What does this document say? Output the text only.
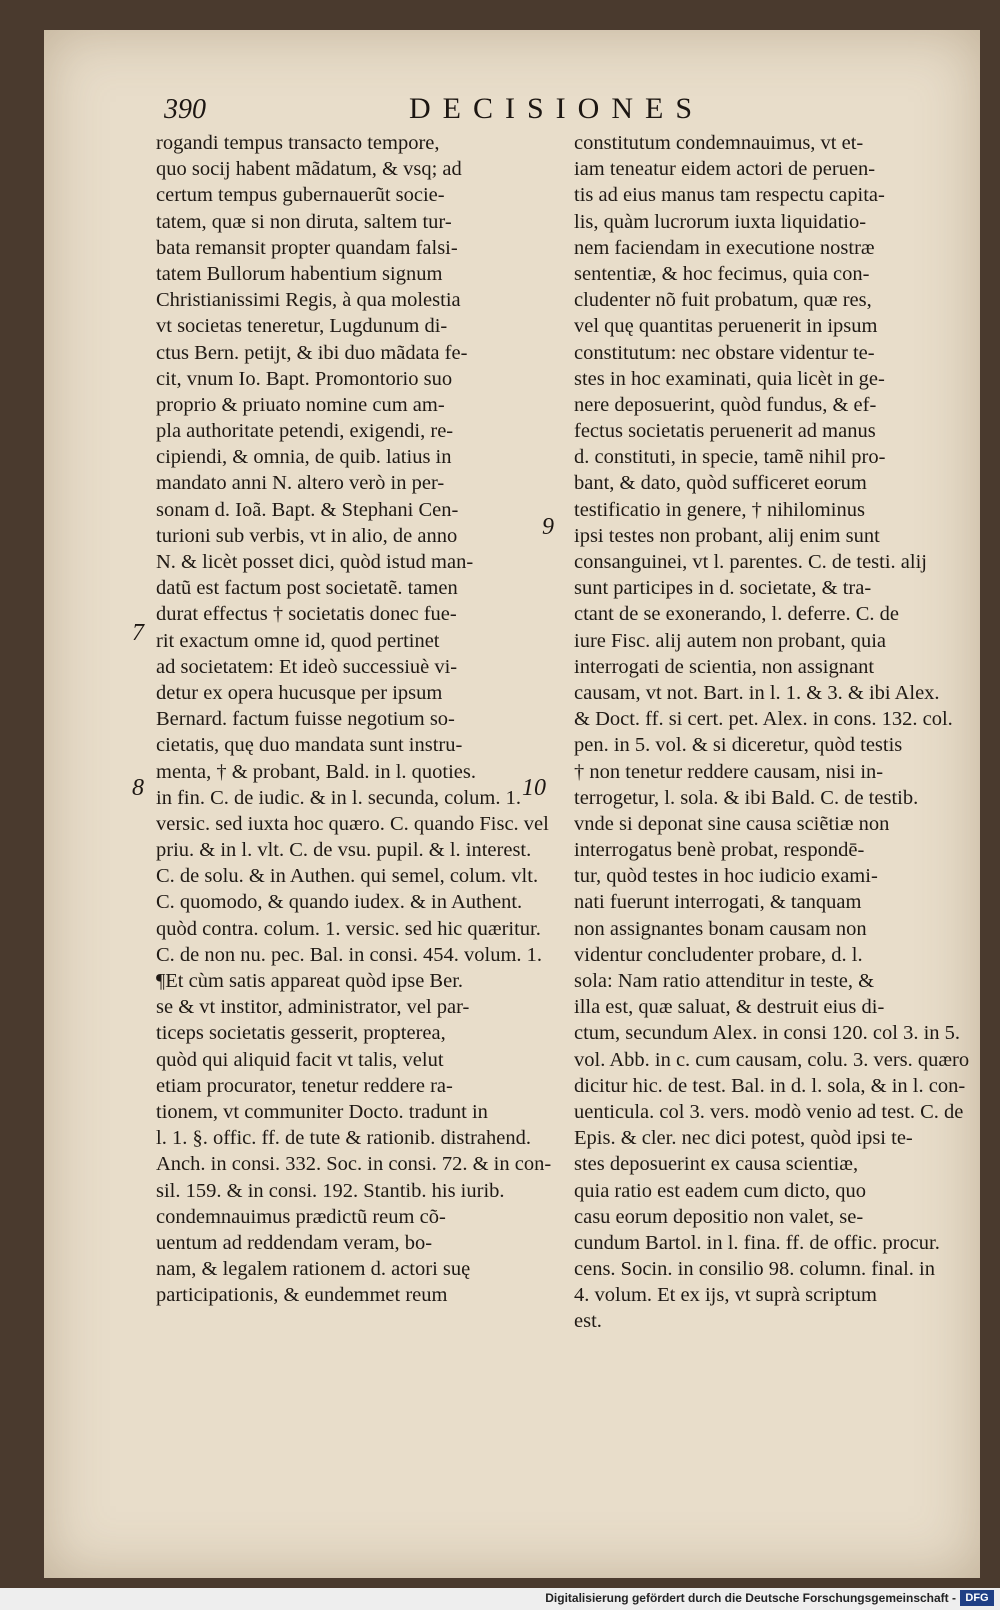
390	DECISIONES
rogandi tempus transacto tempore,
quo socij habent mãdatum, & vsq; ad
certum tempus gubernauerũt socie-
tatem, quæ si non diruta, saltem tur-
bata remansit propter quandam falsi-
tatem Bullorum habentium signum
Christianissimi Regis, à qua molestia
vt societas teneretur, Lugdunum di-
ctus Bern. petijt, & ibi duo mãdata fe-
cit, vnum Io. Bapt. Promontorio suo
proprio & priuato nomine cum am-
pla authoritate petendi, exigendi, re-
cipiendi, & omnia, de quib. latius in
mandato anni N. altero verò in per-
sonam d. Ioã. Bapt. & Stephani Cen-
turioni sub verbis, vt in alio, de anno
N. & licèt posset dici, quòd istud man-
datũ est factum post societatẽ. tamen
durat effectus † societatis donec fue-
rit exactum omne id, quod pertinet
ad societatem: Et ideò successiuè vi-
detur ex opera hucusque per ipsum
Bernard. factum fuisse negotium so-
cietatis, quę duo mandata sunt instru-
menta, † & probant, Bald. in l. quoties.
in fin. C. de iudic. & in l. secunda, colum. 1.
versic. sed iuxta hoc quæro. C. quando Fisc. vel
priu. & in l. vlt. C. de vsu. pupil. & l. interest.
C. de solu. & in Authen. qui semel, colum. vlt.
C. quomodo, & quando iudex. & in Authent.
quòd contra. colum. 1. versic. sed hic quæritur.
C. de non nu. pec. Bal. in consi. 454. volum. 1.
¶Et cùm satis appareat quòd ipse Ber.
se & vt institor, administrator, vel par-
ticeps societatis gesserit, propterea,
quòd qui aliquid facit vt talis, velut
etiam procurator, tenetur reddere ra-
tionem, vt communiter Docto. tradunt in
l. 1. §. offic. ff. de tute & rationib. distrahend.
Anch. in consi. 332. Soc. in consi. 72. & in con-
sil. 159. & in consi. 192. Stantib. his iurib.
condemnauimus prædictũ reum cõ-
uentum ad reddendam veram, bo-
nam, & legalem rationem d. actori suę
participationis, & eundemmet reum
constitutum condemnauimus, vt et-
iam teneatur eidem actori de peruen-
tis ad eius manus tam respectu capita-
lis, quàm lucrorum iuxta liquidatio-
nem faciendam in executione nostræ
sententiæ, & hoc fecimus, quia con-
cludenter nõ fuit probatum, quæ res,
vel quę quantitas peruenerit in ipsum
constitutum: nec obstare videntur te-
stes in hoc examinati, quia licèt in ge-
nere deposuerint, quòd fundus, & ef-
fectus societatis peruenerit ad manus
d. constituti, in specie, tamẽ nihil pro-
bant, & dato, quòd sufficeret eorum
testificatio in genere, † nihilominus
ipsi testes non probant, alij enim sunt
consanguinei, vt l. parentes. C. de testi. alij
sunt participes in d. societate, & tra-
ctant de se exonerando, l. deferre. C. de
iure Fisc. alij autem non probant, quia
interrogati de scientia, non assignant
causam, vt not. Bart. in l. 1. & 3. & ibi Alex.
& Doct. ff. si cert. pet. Alex. in cons. 132. col.
pen. in 5. vol. & si diceretur, quòd testis
† non tenetur reddere causam, nisi in-
terrogetur, l. sola. & ibi Bald. C. de testib.
vnde si deponat sine causa sciẽtiæ non
interrogatus benè probat, respondē-
tur, quòd testes in hoc iudicio exami-
nati fuerunt interrogati, & tanquam
non assignantes bonam causam non
videntur concludenter probare, d. l.
sola: Nam ratio attenditur in teste, &
illa est, quæ saluat, & destruit eius di-
ctum, secundum Alex. in consi 120. col 3. in 5.
vol. Abb. in c. cum causam, colu. 3. vers. quæro
dicitur hic. de test. Bal. in d. l. sola, & in l. con-
uenticula. col 3. vers. modò venio ad test. C. de
Epis. & cler. nec dici potest, quòd ipsi te-
stes deposuerint ex causa scientiæ,
quia ratio est eadem cum dicto, quo
casu eorum depositio non valet, se-
cundum Bartol. in l. fina. ff. de offic. procur.
cens. Socin. in consilio 98. column. final. in
4. volum. Et ex ijs, vt suprà scriptum
est.
7
8
9
10
Digitalisierung gefördert durch die Deutsche Forschungsgemeinschaft - DFG
